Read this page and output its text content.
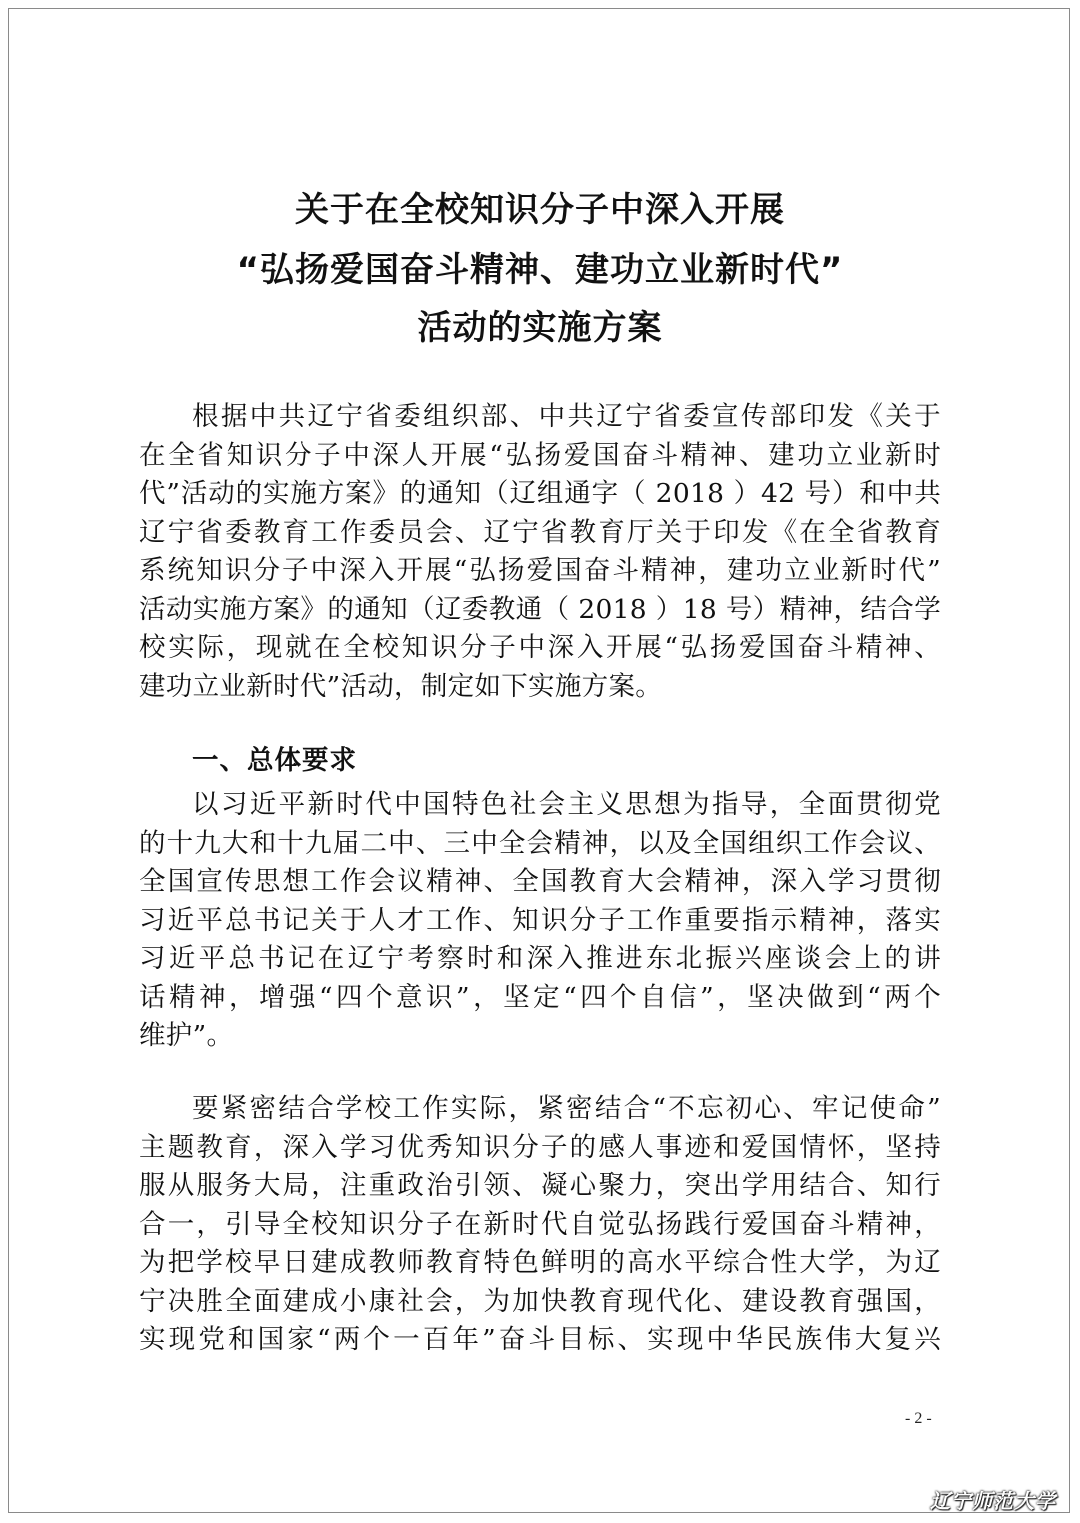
关于在全校知识分子中深入开展
“弘扬爱国奋斗精神、建功立业新时代”
活动的实施方案
根据中共辽宁省委组织部、中共辽宁省委宣传部印发《关于
在全省知识分子中深人开展“弘扬爱国奋斗精神、建功立业新时
代”活动的实施方案》的通知（辽组通字（ 2018 ）42 号）和中共
辽宁省委教育工作委员会、辽宁省教育厅关于印发《在全省教育
系统知识分子中深入开展“弘扬爱国奋斗精神，建功立业新时代”
活动实施方案》的通知（辽委教通（ 2018 ）18 号）精神，结合学
校实际，现就在全校知识分子中深入开展“弘扬爱国奋斗精神、
建功立业新时代”活动，制定如下实施方案。
一、总体要求
以习近平新时代中国特色社会主义思想为指导，全面贯彻党
的十九大和十九届二中、三中全会精神，以及全国组织工作会议、
全国宣传思想工作会议精神、全国教育大会精神，深入学习贯彻
习近平总书记关于人才工作、知识分子工作重要指示精神，落实
习近平总书记在辽宁考察时和深入推进东北振兴座谈会上的讲
话精神，增强“四个意识”，坚定“四个自信”，坚决做到“两个
维护”。
要紧密结合学校工作实际，紧密结合“不忘初心、牢记使命”
主题教育，深入学习优秀知识分子的感人事迹和爱国情怀，坚持
服从服务大局，注重政治引领、凝心聚力，突出学用结合、知行
合一，引导全校知识分子在新时代自觉弘扬践行爱国奋斗精神，
为把学校早日建成教师教育特色鲜明的高水平综合性大学，为辽
宁决胜全面建成小康社会，为加快教育现代化、建设教育强国，
实现党和国家“两个一百年”奋斗目标、实现中华民族伟大复兴
- 2 -
辽宁师范大学
